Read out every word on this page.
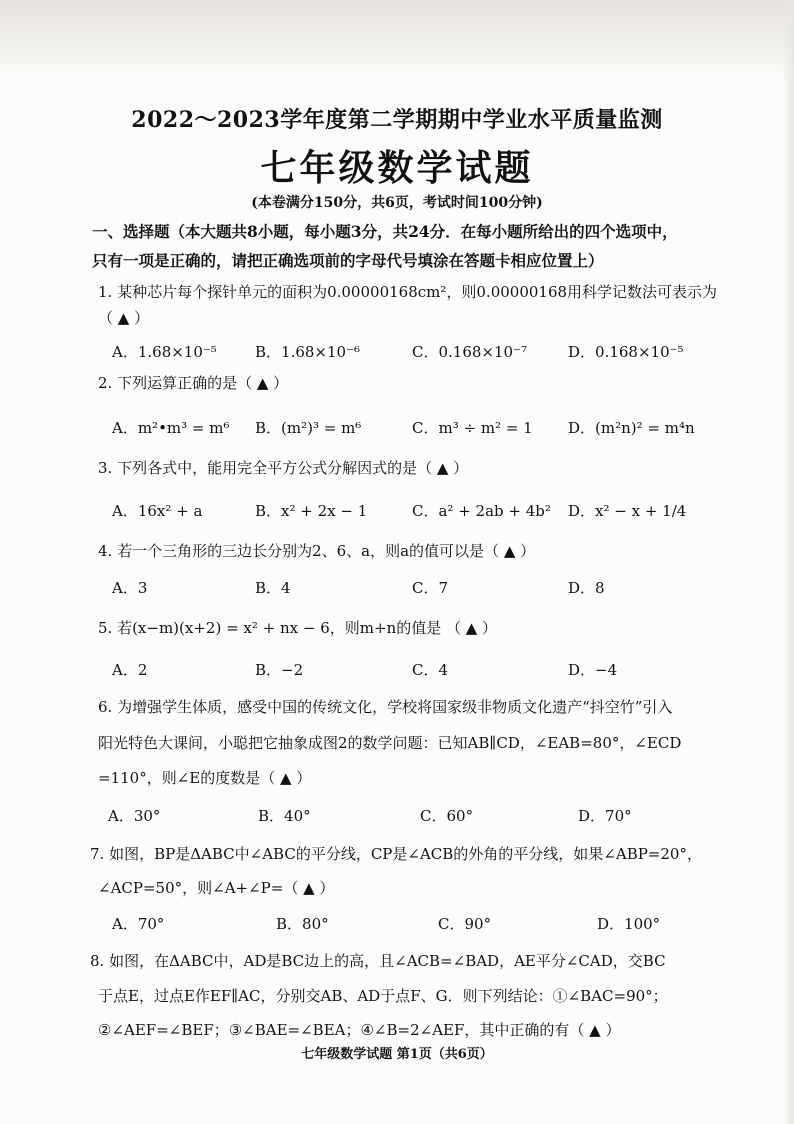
2022～2023学年度第二学期期中学业水平质量监测
七年级数学试题
(本卷满分150分，共6页，考试时间100分钟)
一、选择题（本大题共8小题，每小题3分，共24分．在每小题所给出的四个选项中，
只有一项是正确的，请把正确选项前的字母代号填涂在答题卡相应位置上）
1. 某种芯片每个探针单元的面积为0.00000168cm²，则0.00000168用科学记数法可表示为
（ ▲ ）
A．1.68×10⁻⁵	B．1.68×10⁻⁶	C．0.168×10⁻⁷	D．0.168×10⁻⁵
2. 下列运算正确的是（ ▲ ）
A．m²•m³ = m⁶ B．(m²)³ = m⁶	C．m³ ÷ m² = 1 D．(m²n)² = m⁴n
3. 下列各式中，能用完全平方公式分解因式的是（ ▲ ）
A．16x² + a	B．x² + 2x − 1	C．a² + 2ab + 4b² D．x² − x + 1/4
4. 若一个三角形的三边长分别为2、6、a，则a的值可以是（ ▲ ）
A．3	B．4	C．7	D．8
5. 若(x−m)(x+2) = x² + nx − 6，则m+n的值是 （ ▲ ）
A．2	B．−2	C．4	D．−4
6. 为增强学生体质，感受中国的传统文化，学校将国家级非物质文化遗产“抖空竹”引入
阳光特色大课间，小聪把它抽象成图2的数学问题：已知AB∥CD，∠EAB=80°，∠ECD
=110°，则∠E的度数是（ ▲ ）
A．30°	B．40°	C．60°	D．70°
7. 如图，BP是ΔABC中∠ABC的平分线，CP是∠ACB的外角的平分线，如果∠ABP=20°，
∠ACP=50°，则∠A+∠P=（ ▲ ）
A．70°	B．80°	C．90°	D．100°
8. 如图，在ΔABC中，AD是BC边上的高，且∠ACB=∠BAD，AE平分∠CAD，交BC
于点E，过点E作EF∥AC，分别交AB、AD于点F、G．则下列结论：①∠BAC=90°；
②∠AEF=∠BEF；③∠BAE=∠BEA；④∠B=2∠AEF，其中正确的有（ ▲ ）
七年级数学试题 第1页（共6页）
